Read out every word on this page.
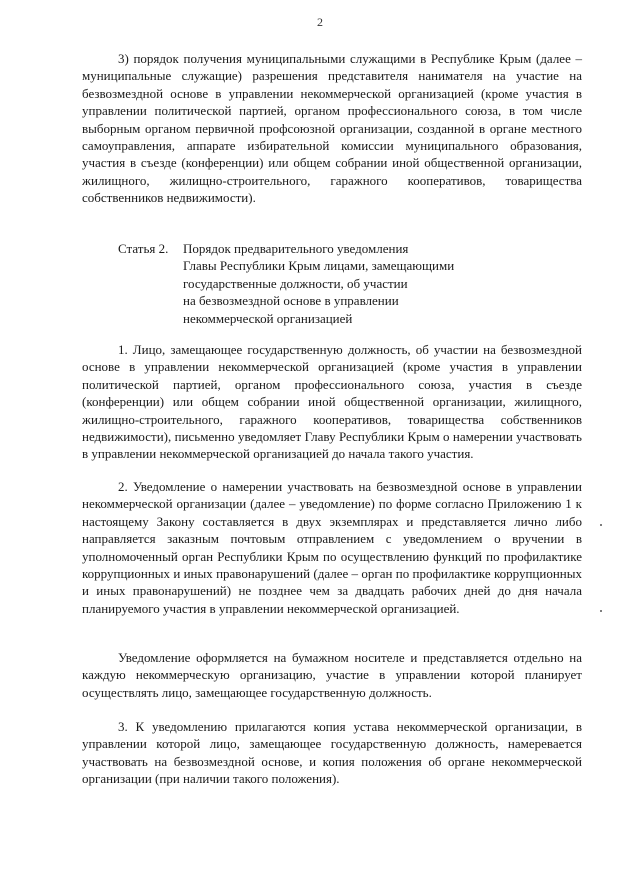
2

3) порядок получения муниципальными служащими в Республике Крым (далее – муниципальные служащие) разрешения представителя нанимателя на участие на безвозмездной основе в управлении некоммерческой организацией (кроме участия в управлении политической партией, органом профессионального союза, в том числе выборным органом первичной профсоюзной организации, созданной в органе местного самоуправления, аппарате избирательной комиссии муниципального образования, участия в съезде (конференции) или общем собрании иной общественной организации, жилищного, жилищно-строительного, гаражного кооперативов, товарищества собственников недвижимости).

Статья 2. Порядок предварительного уведомления
Главы Республики Крым лицами, замещающими
государственные должности, об участии
на безвозмездной основе в управлении
некоммерческой организацией

1. Лицо, замещающее государственную должность, об участии на безвозмездной основе в управлении некоммерческой организацией (кроме участия в управлении политической партией, органом профессионального союза, участия в съезде (конференции) или общем собрании иной общественной организации, жилищного, жилищно-строительного, гаражного кооперативов, товарищества собственников недвижимости), письменно уведомляет Главу Республики Крым о намерении участвовать в управлении некоммерческой организацией до начала такого участия.

2. Уведомление о намерении участвовать на безвозмездной основе в управлении некоммерческой организации (далее – уведомление) по форме согласно Приложению 1 к настоящему Закону составляется в двух экземплярах и представляется лично либо направляется заказным почтовым отправлением с уведомлением о вручении в уполномоченный орган Республики Крым по осуществлению функций по профилактике коррупционных и иных правонарушений (далее – орган по профилактике коррупционных и иных правонарушений) не позднее чем за двадцать рабочих дней до дня начала планируемого участия в управлении некоммерческой организацией.

Уведомление оформляется на бумажном носителе и представляется отдельно на каждую некоммерческую организацию, участие в управлении которой планирует осуществлять лицо, замещающее государственную должность.

3. К уведомлению прилагаются копия устава некоммерческой организации, в управлении которой лицо, замещающее государственную должность, намеревается участвовать на безвозмездной основе, и копия положения об органе некоммерческой организации (при наличии такого положения).
